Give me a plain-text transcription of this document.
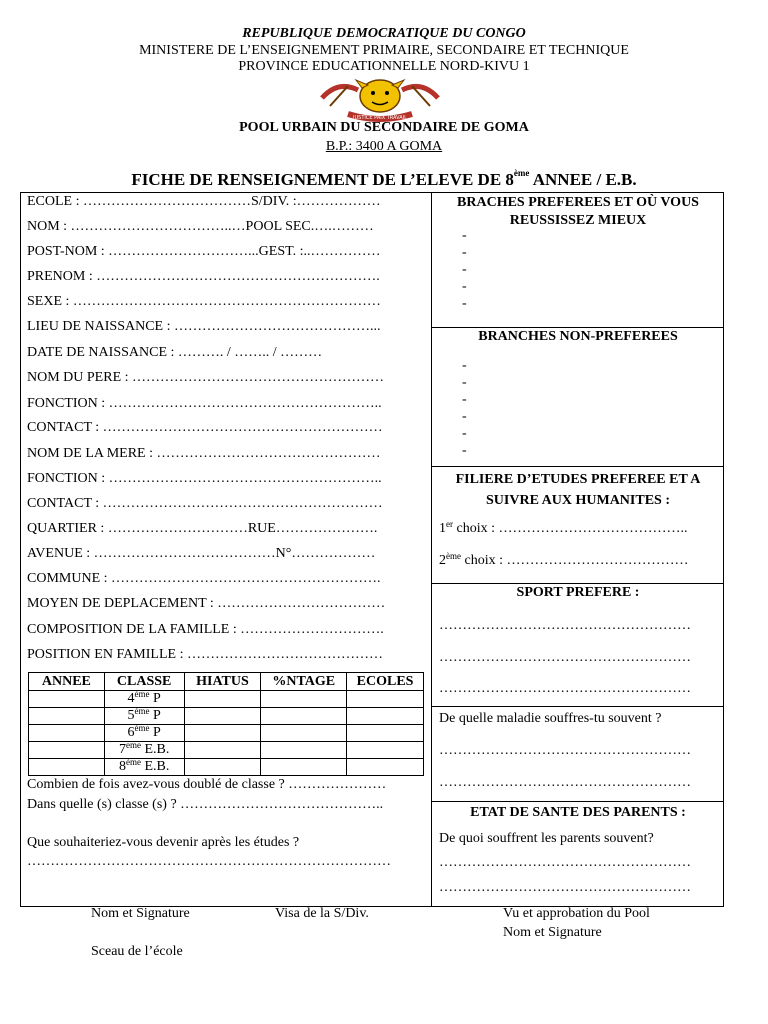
REPUBLIQUE DEMOCRATIQUE DU CONGO
MINISTERE DE L’ENSEIGNEMENT PRIMAIRE, SECONDAIRE ET TECHNIQUE
PROVINCE EDUCATIONNELLE NORD-KIVU 1
JUSTICE PAIX TRAVAIL
POOL URBAIN DU SECONDAIRE DE GOMA
B.P.: 3400 A GOMA
FICHE DE RENSEIGNEMENT DE L’ELEVE DE 8ème ANNEE / E.B.
ECOLE : ………………………………S/DIV. :………………
NOM : ……………………………..…POOL SEC.….………
POST-NOM : …………………………...GEST. :..……………
PRENOM : …………………………………………………….
SEXE : …………………………………………………………
LIEU DE NAISSANCE : ……………………………………...
DATE DE NAISSANCE : ………. / …….. / ………
NOM DU PERE : ………………………………………………
FONCTION : …………………………………………………..
CONTACT : ……………………………………………………
NOM DE LA MERE : …………………………………………
FONCTION : …………………………………………………..
CONTACT : ……………………………………………………
QUARTIER : …………………………RUE………………….
AVENUE : …………………………………N°………………
COMMUNE : ………………………………………………….
MOYEN DE DEPLACEMENT : ………………………………
COMPOSITION DE LA FAMILLE : ………………………….
POSITION EN FAMILLE : ……………………………………
ANNEE	CLASSE	HIATUS	%NTAGE	ECOLES
	4ème P			
	5ème P			
	6ème P			
	7eme E.B.			
	8ème E.B.			
Combien de fois avez-vous doublé de classe ? …………………
Dans quelle (s) classe (s) ? ……………………………………..
Que souhaiteriez-vous devenir après les études ?
……………………………………………………………………
BRACHES PREFEREES ET OÙ VOUS REUSSISSEZ MIEUX
-
-
-
-
-
BRANCHES NON-PREFEREES
-
-
-
-
-
-
FILIERE D’ETUDES PREFEREE ET A SUIVRE AUX HUMANITES :
1er choix : …………………………………..
2ème choix : …………………………………
SPORT PREFERE :
………………………………………………
………………………………………………
………………………………………………
De quelle maladie souffres-tu souvent ?
………………………………………………
………………………………………………
ETAT DE SANTE DES PARENTS :
De quoi souffrent les parents souvent?
………………………………………………
………………………………………………
Nom et Signature
Sceau de l’école
Visa de la S/Div.	Vu et approbation du Pool
Nom et Signature
